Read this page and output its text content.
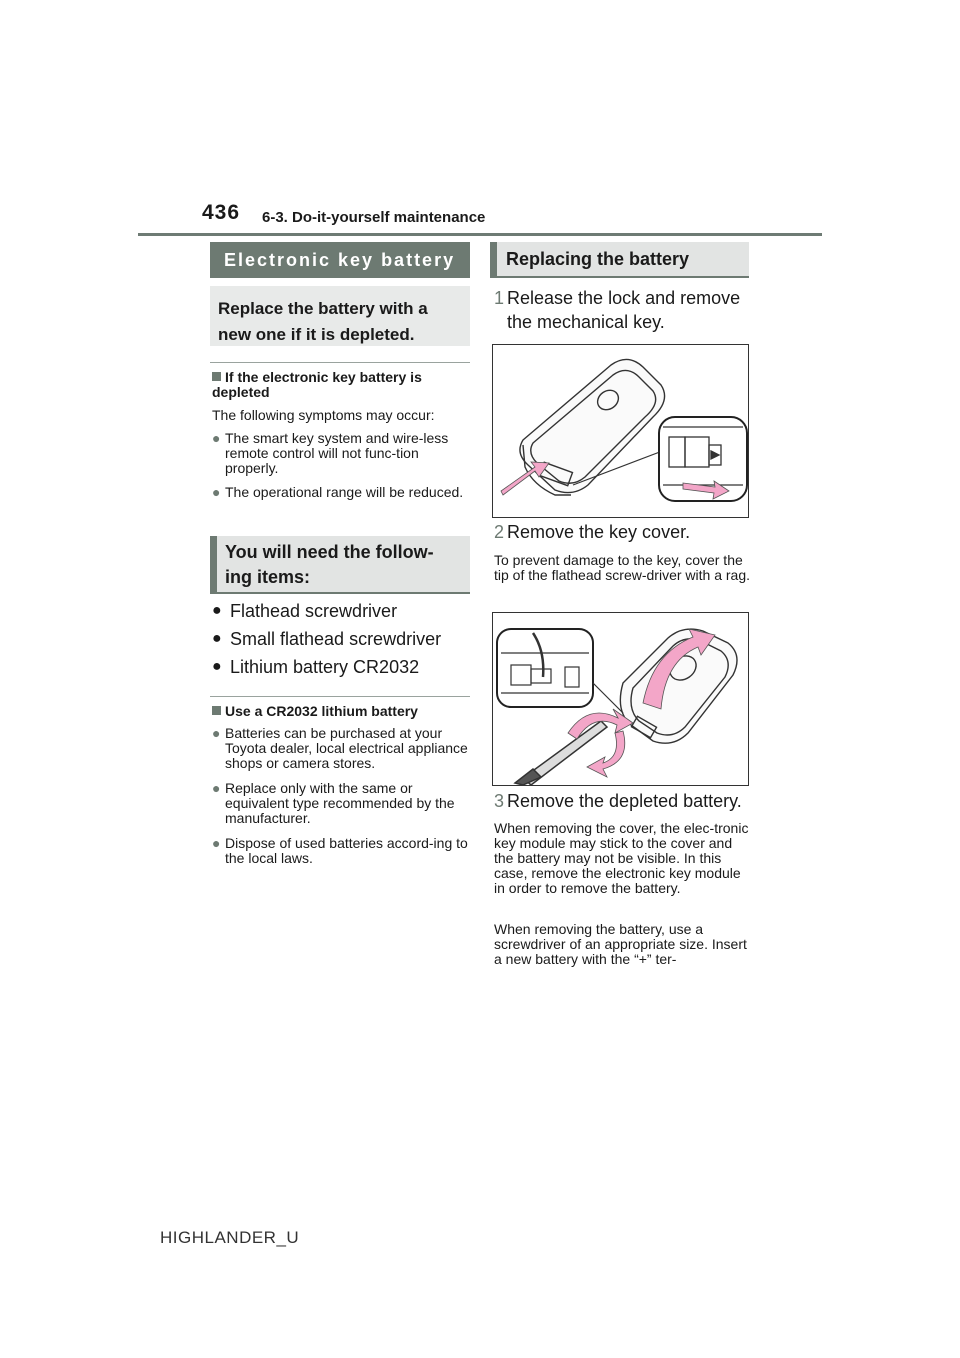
436 6-3. Do-it-yourself maintenance
Electronic key battery
Replace the battery with a new one if it is depleted.
If the electronic key battery is depleted
The following symptoms may occur:
● The smart key system and wire-less remote control will not func-tion properly.
● The operational range will be reduced.
You will need the follow-ing items:
● Flathead screwdriver
● Small flathead screwdriver
● Lithium battery CR2032
Use a CR2032 lithium battery
● Batteries can be purchased at your Toyota dealer, local electrical appliance shops or camera stores.
● Replace only with the same or equivalent type recommended by the manufacturer.
● Dispose of used batteries accord-ing to the local laws.
Replacing the battery
1 Release the lock and remove the mechanical key.
2 Remove the key cover.
To prevent damage to the key, cover the tip of the flathead screw-driver with a rag.
3 Remove the depleted battery.
When removing the cover, the elec-tronic key module may stick to the cover and the battery may not be visible. In this case, remove the electronic key module in order to remove the battery.
When removing the battery, use a screwdriver of an appropriate size. Insert a new battery with the “+” ter-
HIGHLANDER_U
